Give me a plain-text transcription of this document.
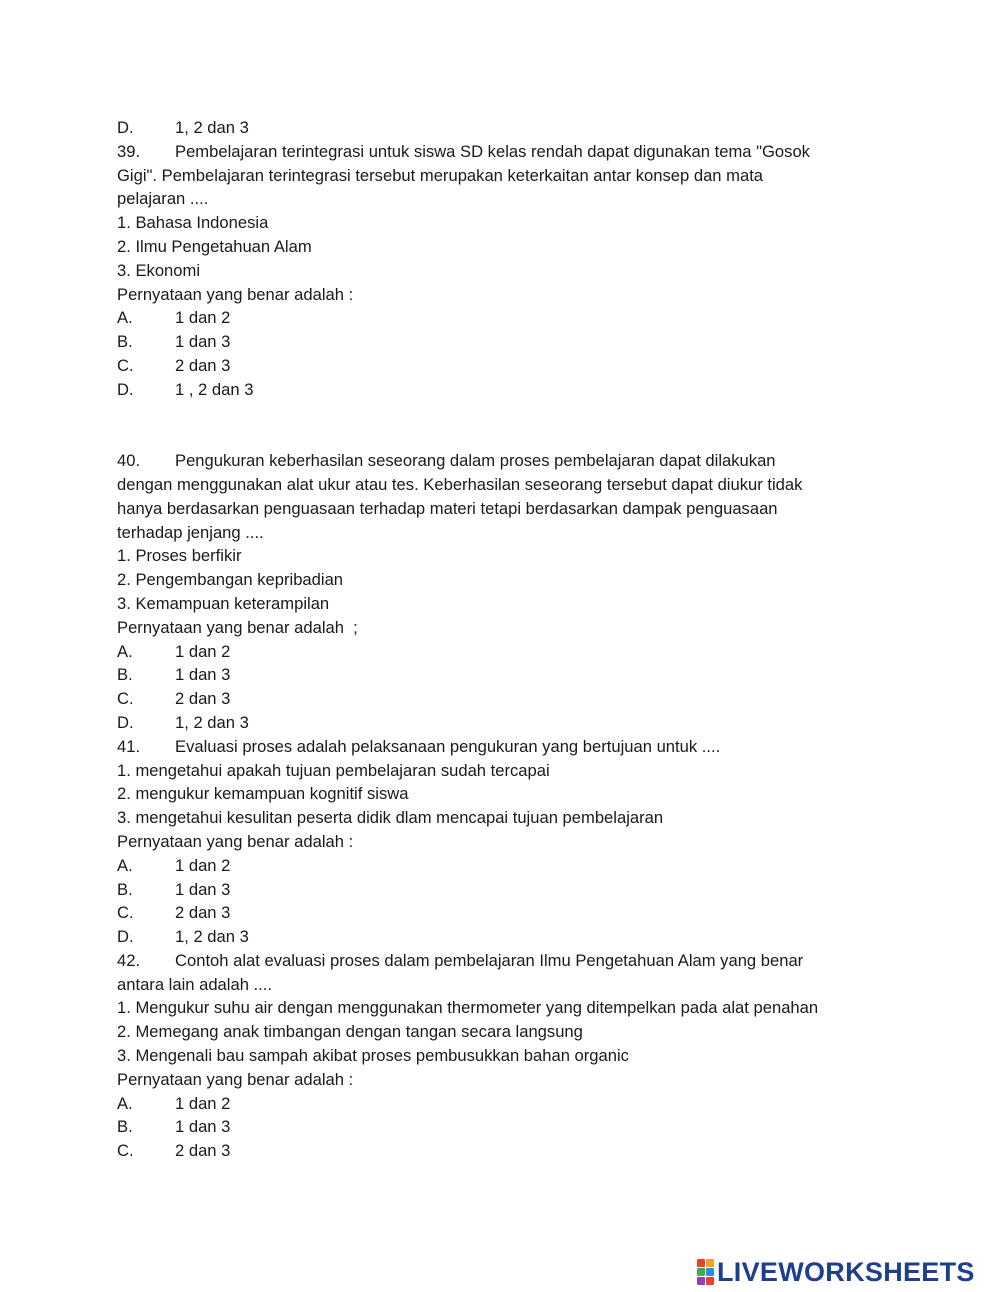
D. 1, 2 dan 3
39. Pembelajaran terintegrasi untuk siswa SD kelas rendah dapat digunakan tema "Gosok
Gigi". Pembelajaran terintegrasi tersebut merupakan keterkaitan antar konsep dan mata
pelajaran ....
1. Bahasa Indonesia
2. Ilmu Pengetahuan Alam
3. Ekonomi
Pernyataan yang benar adalah :
A.	1 dan 2
B.	1 dan 3
C. 2 dan 3
D. 1 , 2 dan 3
40. Pengukuran keberhasilan seseorang dalam proses pembelajaran dapat dilakukan
dengan menggunakan alat ukur atau tes. Keberhasilan seseorang tersebut dapat diukur tidak
hanya berdasarkan penguasaan terhadap materi tetapi berdasarkan dampak penguasaan
terhadap jenjang ....
1. Proses berfikir
2. Pengembangan kepribadian
3. Kemampuan keterampilan
Pernyataan yang benar adalah  ;
A.	1 dan 2
B.	1 dan 3
C. 2 dan 3
D. 1, 2 dan 3
41. Evaluasi proses adalah pelaksanaan pengukuran yang bertujuan untuk ....
1. mengetahui apakah tujuan pembelajaran sudah tercapai
2. mengukur kemampuan kognitif siswa
3. mengetahui kesulitan peserta didik dlam mencapai tujuan pembelajaran
Pernyataan yang benar adalah :
A.	1 dan 2
B.	1 dan 3
C. 2 dan 3
D. 1, 2 dan 3
42. Contoh alat evaluasi proses dalam pembelajaran Ilmu Pengetahuan Alam yang benar
antara lain adalah ....
1. Mengukur suhu air dengan menggunakan thermometer yang ditempelkan pada alat penahan
2. Memegang anak timbangan dengan tangan secara langsung
3. Mengenali bau sampah akibat proses pembusukkan bahan organic
Pernyataan yang benar adalah :
A.	1 dan 2
B.	1 dan 3
C. 2 dan 3
LIVEWORKSHEETS
